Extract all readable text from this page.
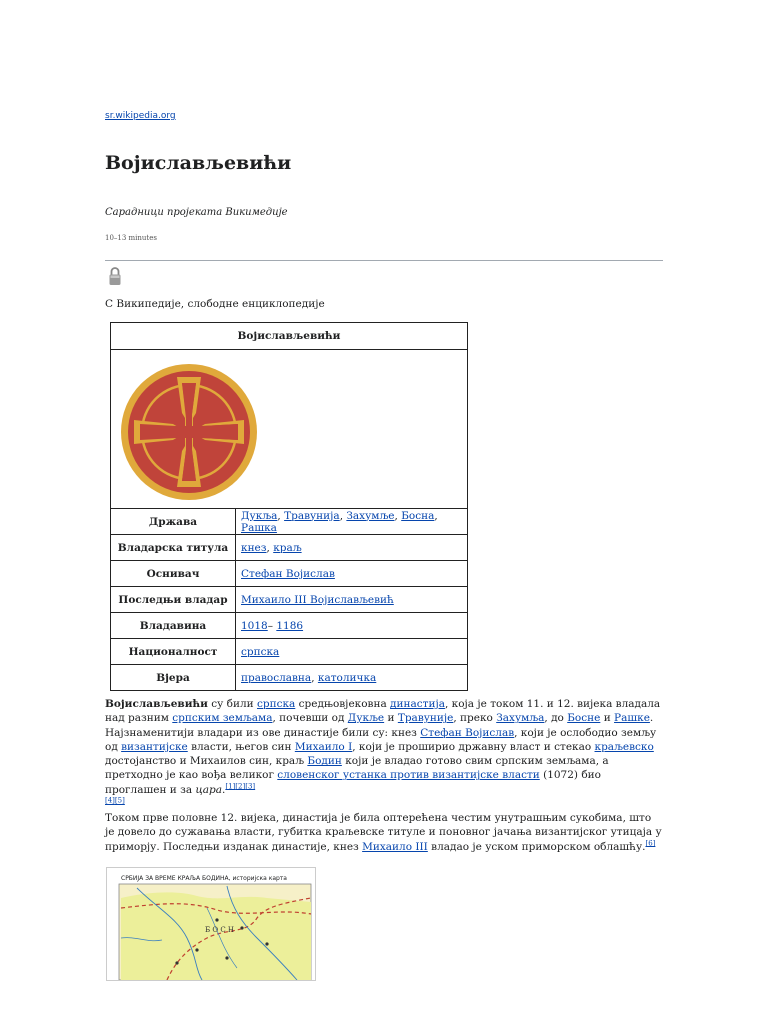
sr.wikipedia.org
Војислављевићи
Сарадници пројеката Викимедије
10–13 minutes
С Википедије, слободне енциклопедије
Војислављевићи	

Држава	Дукља, Травунија, Захумље, Босна, Рашка
Владарска титула	кнез, краљ
Оснивач	Стефан Војислав
Последњи владар	Михаило III Војислављевић
Владавина	1018– 1186
Националност	српска
Вјера	православна, католичка

Војислављевићи су били српска средњовјековна династија, која је током 11. и 12. вијека владала над разним српским земљама, почевши од Дукље и Травуније, преко Захумља, до Босне и Рашке. Најзнаменитији владари из ове династије били су: кнез Стефан Војислав, који је ослободио земљу од византијске власти, његов син Михаило I, који је проширио државну власт и стекао краљевско достојанство и Михаилов син, краљ Бодин који је владао готово свим српским земљама, а претходно је као вођа великог словенског устанка против византијске власти (1072) био проглашен и за цара.[1][2][3]
[4][5]

Током прве половне 12. вијека, династија је била оптерећена честим унутрашњим сукобима, што је довело до сужавања власти, губитка краљевске титуле и поновног јачања византијског утицаја у приморју. Последњи изданак династије, кнез Михаило III владао је уском приморском облашћу.[6]

СРБИЈА ЗА ВРЕМЕ КРАЉА БОДИНА, историјска карта
Б О С Н
